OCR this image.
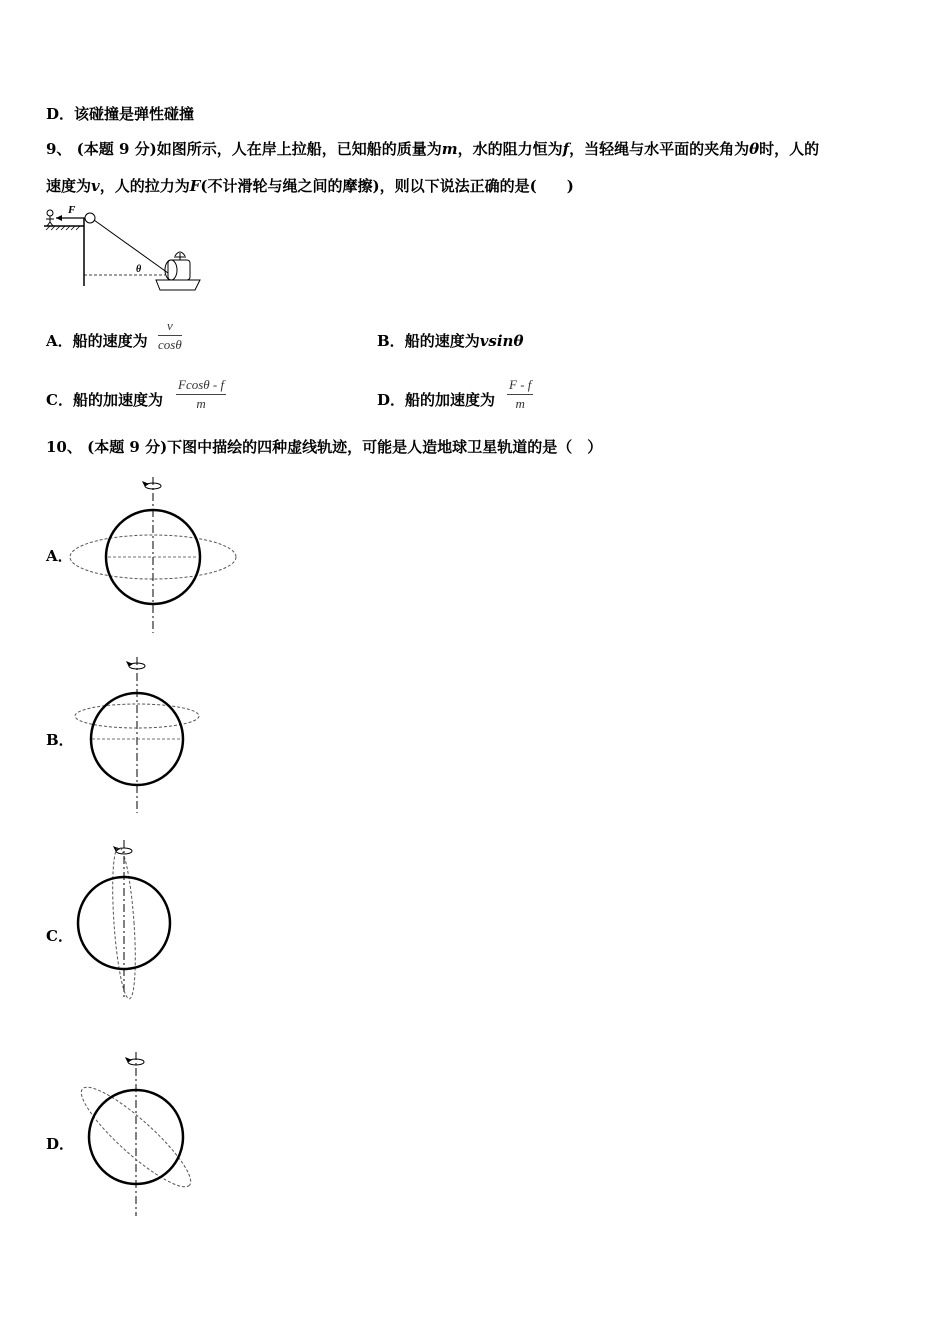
D．该碰撞是弹性碰撞
9、 (本题 9 分)如图所示，人在岸上拉船，已知船的质量为m，水的阻力恒为f，当轻绳与水平面的夹角为θ时，人的
速度为v，人的拉力为F(不计滑轮与绳之间的摩擦)，则以下说法正确的是(　　)
F
θ
A．船的速度为
v
cosθ	B．船的速度为vsinθ
C．船的加速度为
Fcosθ - f
m	D．船的加速度为
F - f
m
10、 (本题 9 分)下图中描绘的四种虚线轨迹，可能是人造地球卫星轨道的是（　）
A．
B．
C．
D．
